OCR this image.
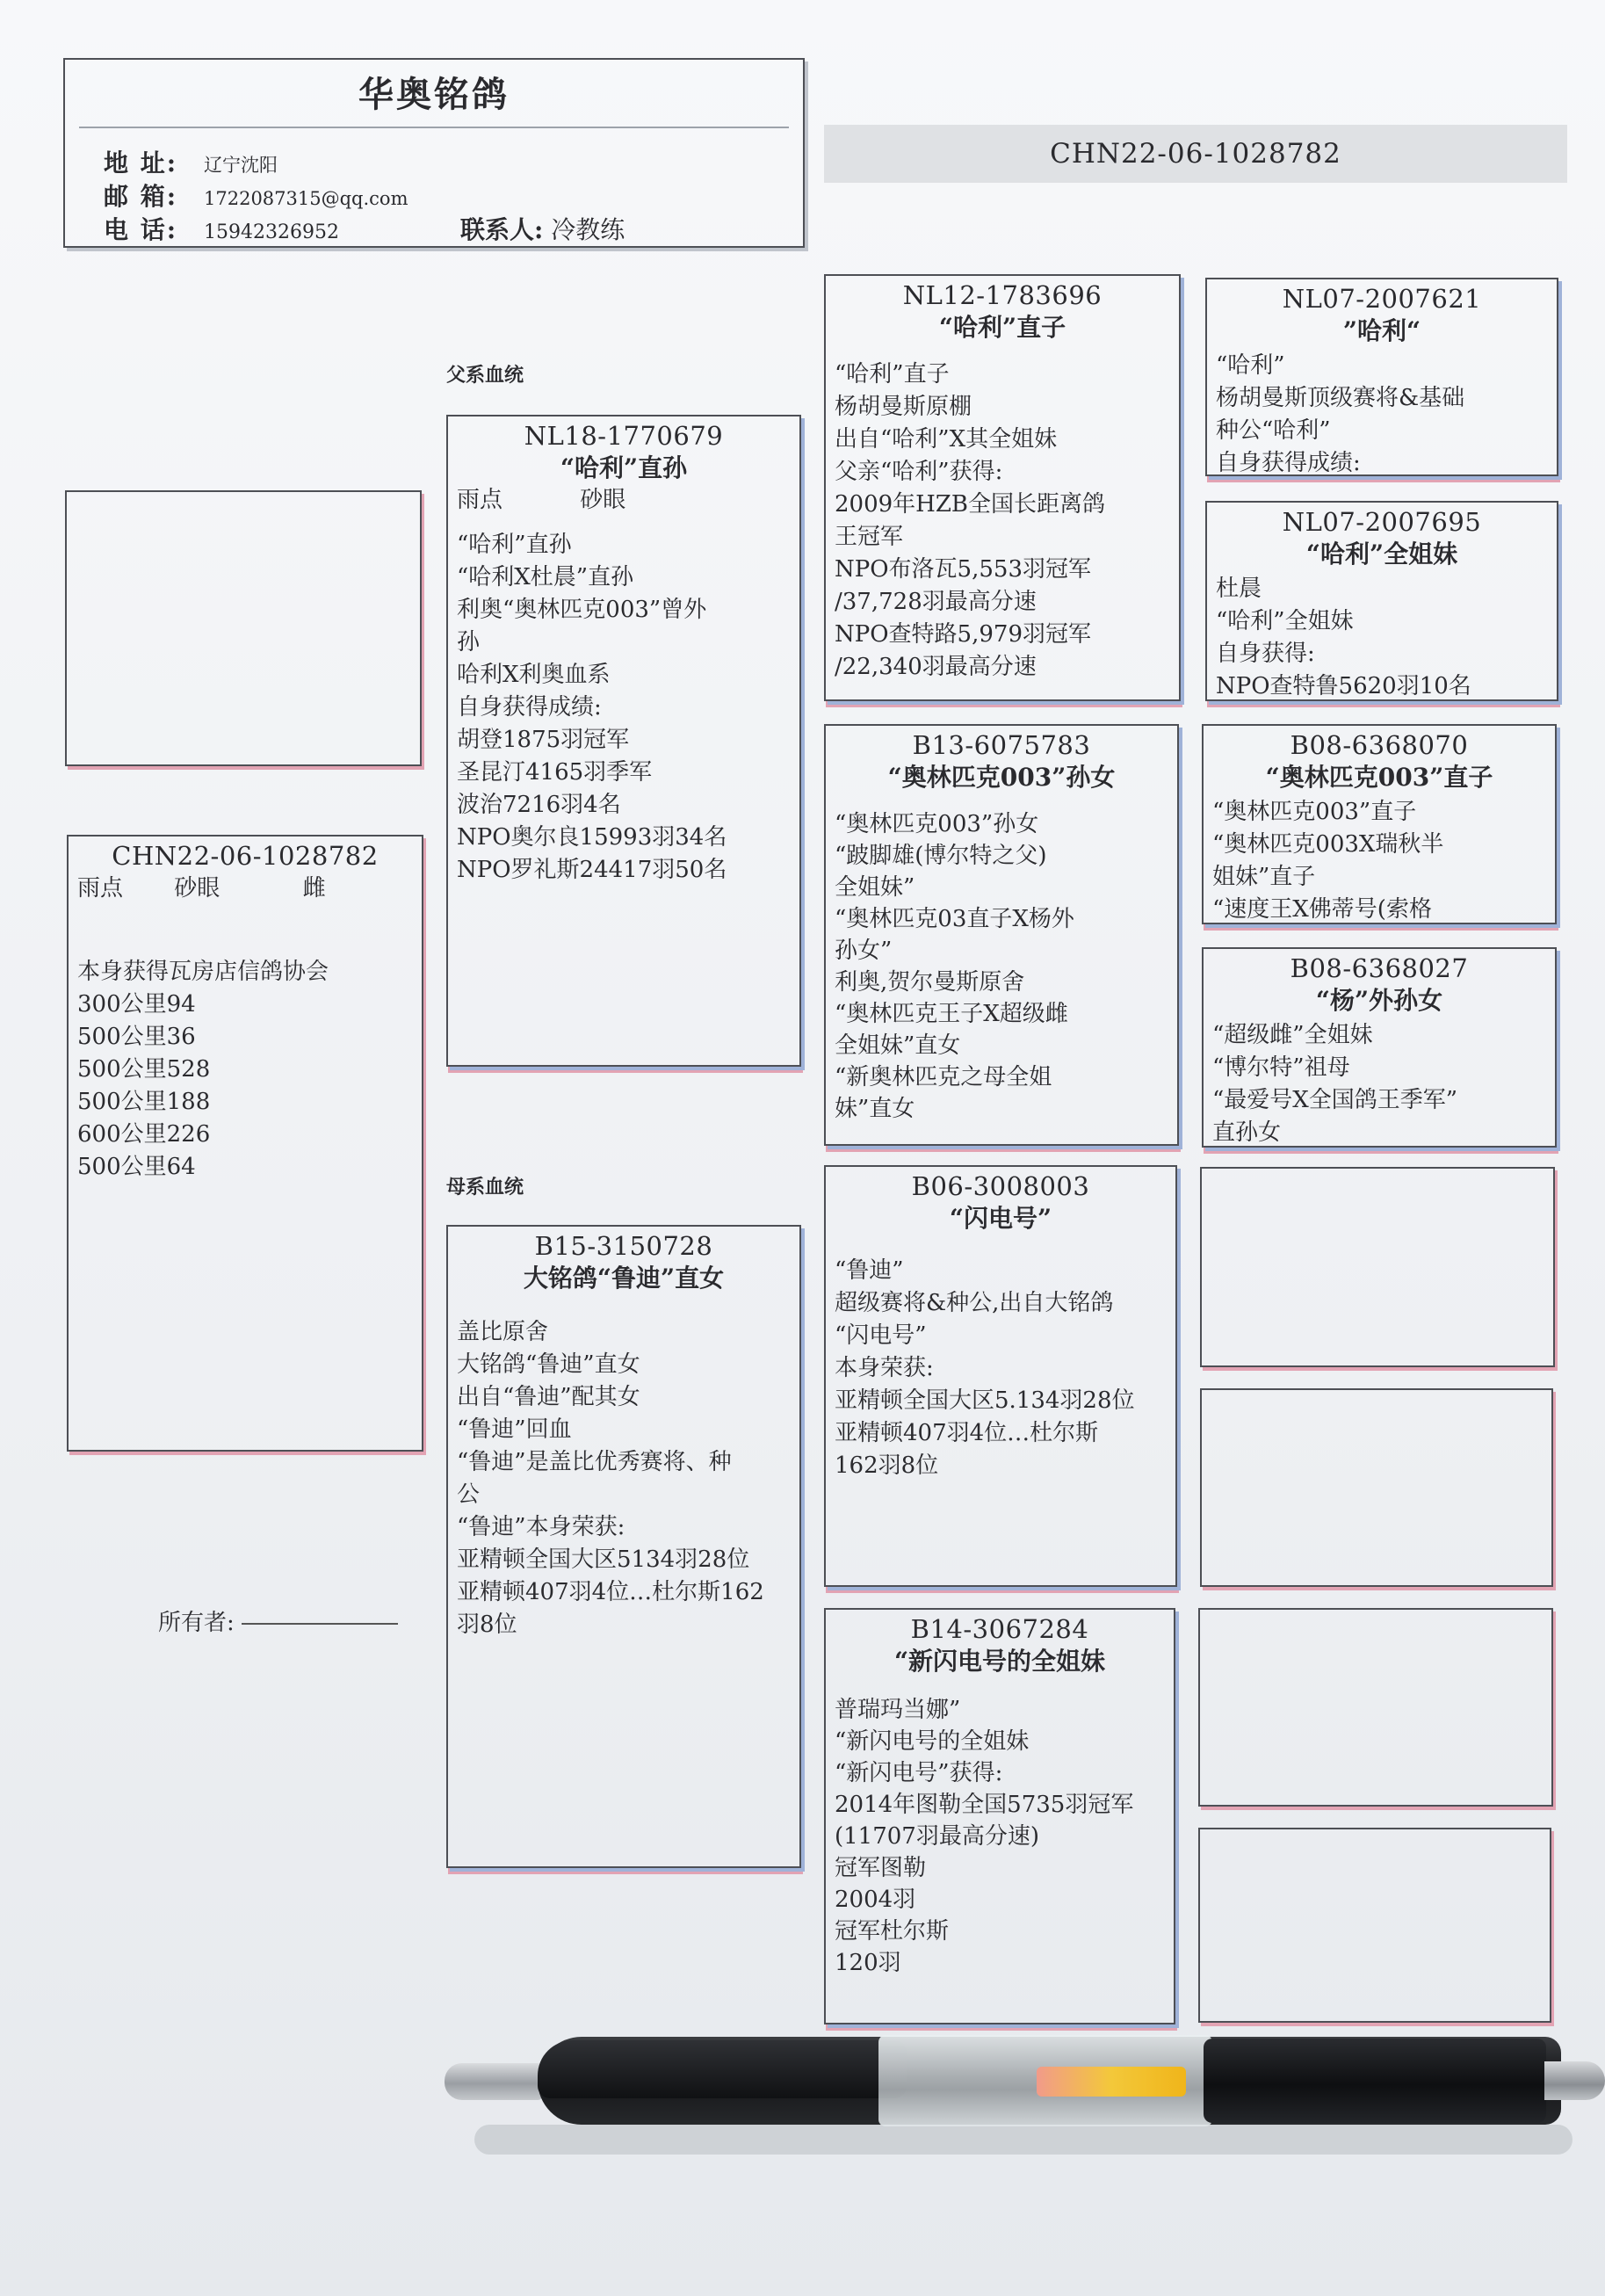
华奥铭鸽
地 址: 辽宁沈阳
邮 箱: 1722087315@qq.com
电 话: 15942326952	联系人: 冷教练
CHN22-06-1028782
父系血统
母系血统
CHN22-06-1028782
雨点 砂眼	雌
本身获得瓦房店信鸽协会
300公里94
500公里36
500公里528
500公里188
600公里226
500公里64
所有者:
NL18-1770679
“哈利”直孙
雨点	砂眼
“哈利”直孙
“哈利X杜晨”直孙
利奥“奥林匹克003”曾外
孙
哈利X利奥血系
自身获得成绩:
胡登1875羽冠军
圣昆汀4165羽季军
波治7216羽4名
NPO奥尔良15993羽34名
NPO罗礼斯24417羽50名
B15-3150728
大铭鸽“鲁迪”直女
盖比原舍
大铭鸽“鲁迪”直女
出自“鲁迪”配其女
“鲁迪”回血
“鲁迪”是盖比优秀赛将、种
公
“鲁迪”本身荣获:
亚精顿全国大区5134羽28位
亚精顿407羽4位…杜尔斯162
羽8位
NL12-1783696
“哈利”直子
“哈利”直子
杨胡曼斯原棚
出自“哈利”X其全姐妹
父亲“哈利”获得:
2009年HZB全国长距离鸽
王冠军
NPO布洛瓦5,553羽冠军
/37,728羽最高分速
NPO查特路5,979羽冠军
/22,340羽最高分速
B13-6075783
“奥林匹克003”孙女
“奥林匹克003”孙女
“跛脚雄(博尔特之父)
全姐妹”
“奥林匹克03直子X杨外
孙女”
利奥,贺尔曼斯原舍
“奥林匹克王子X超级雌
全姐妹”直女
“新奥林匹克之母全姐
妹”直女
B06-3008003
“闪电号”
“鲁迪”
超级赛将&种公,出自大铭鸽
“闪电号”
本身荣获:
亚精顿全国大区5.134羽28位
亚精顿407羽4位…杜尔斯
162羽8位
B14-3067284
“新闪电号的全姐妹
普瑞玛当娜”
“新闪电号的全姐妹
“新闪电号”获得:
2014年图勒全国5735羽冠军
(11707羽最高分速)
冠军图勒
2004羽
冠军杜尔斯
120羽
NL07-2007621
”哈利“
“哈利”
杨胡曼斯顶级赛将&基础
种公“哈利”
自身获得成绩:
NL07-2007695
“哈利”全姐妹
杜晨
“哈利”全姐妹
自身获得:
NPO查特鲁5620羽10名
B08-6368070
“奥林匹克003”直子
“奥林匹克003”直子
“奥林匹克003X瑞秋半
姐妹”直子
“速度王X佛蒂号(索格
B08-6368027
“杨”外孙女
“超级雌”全姐妹
“博尔特”祖母
“最爱号X全国鸽王季军”
直孙女
